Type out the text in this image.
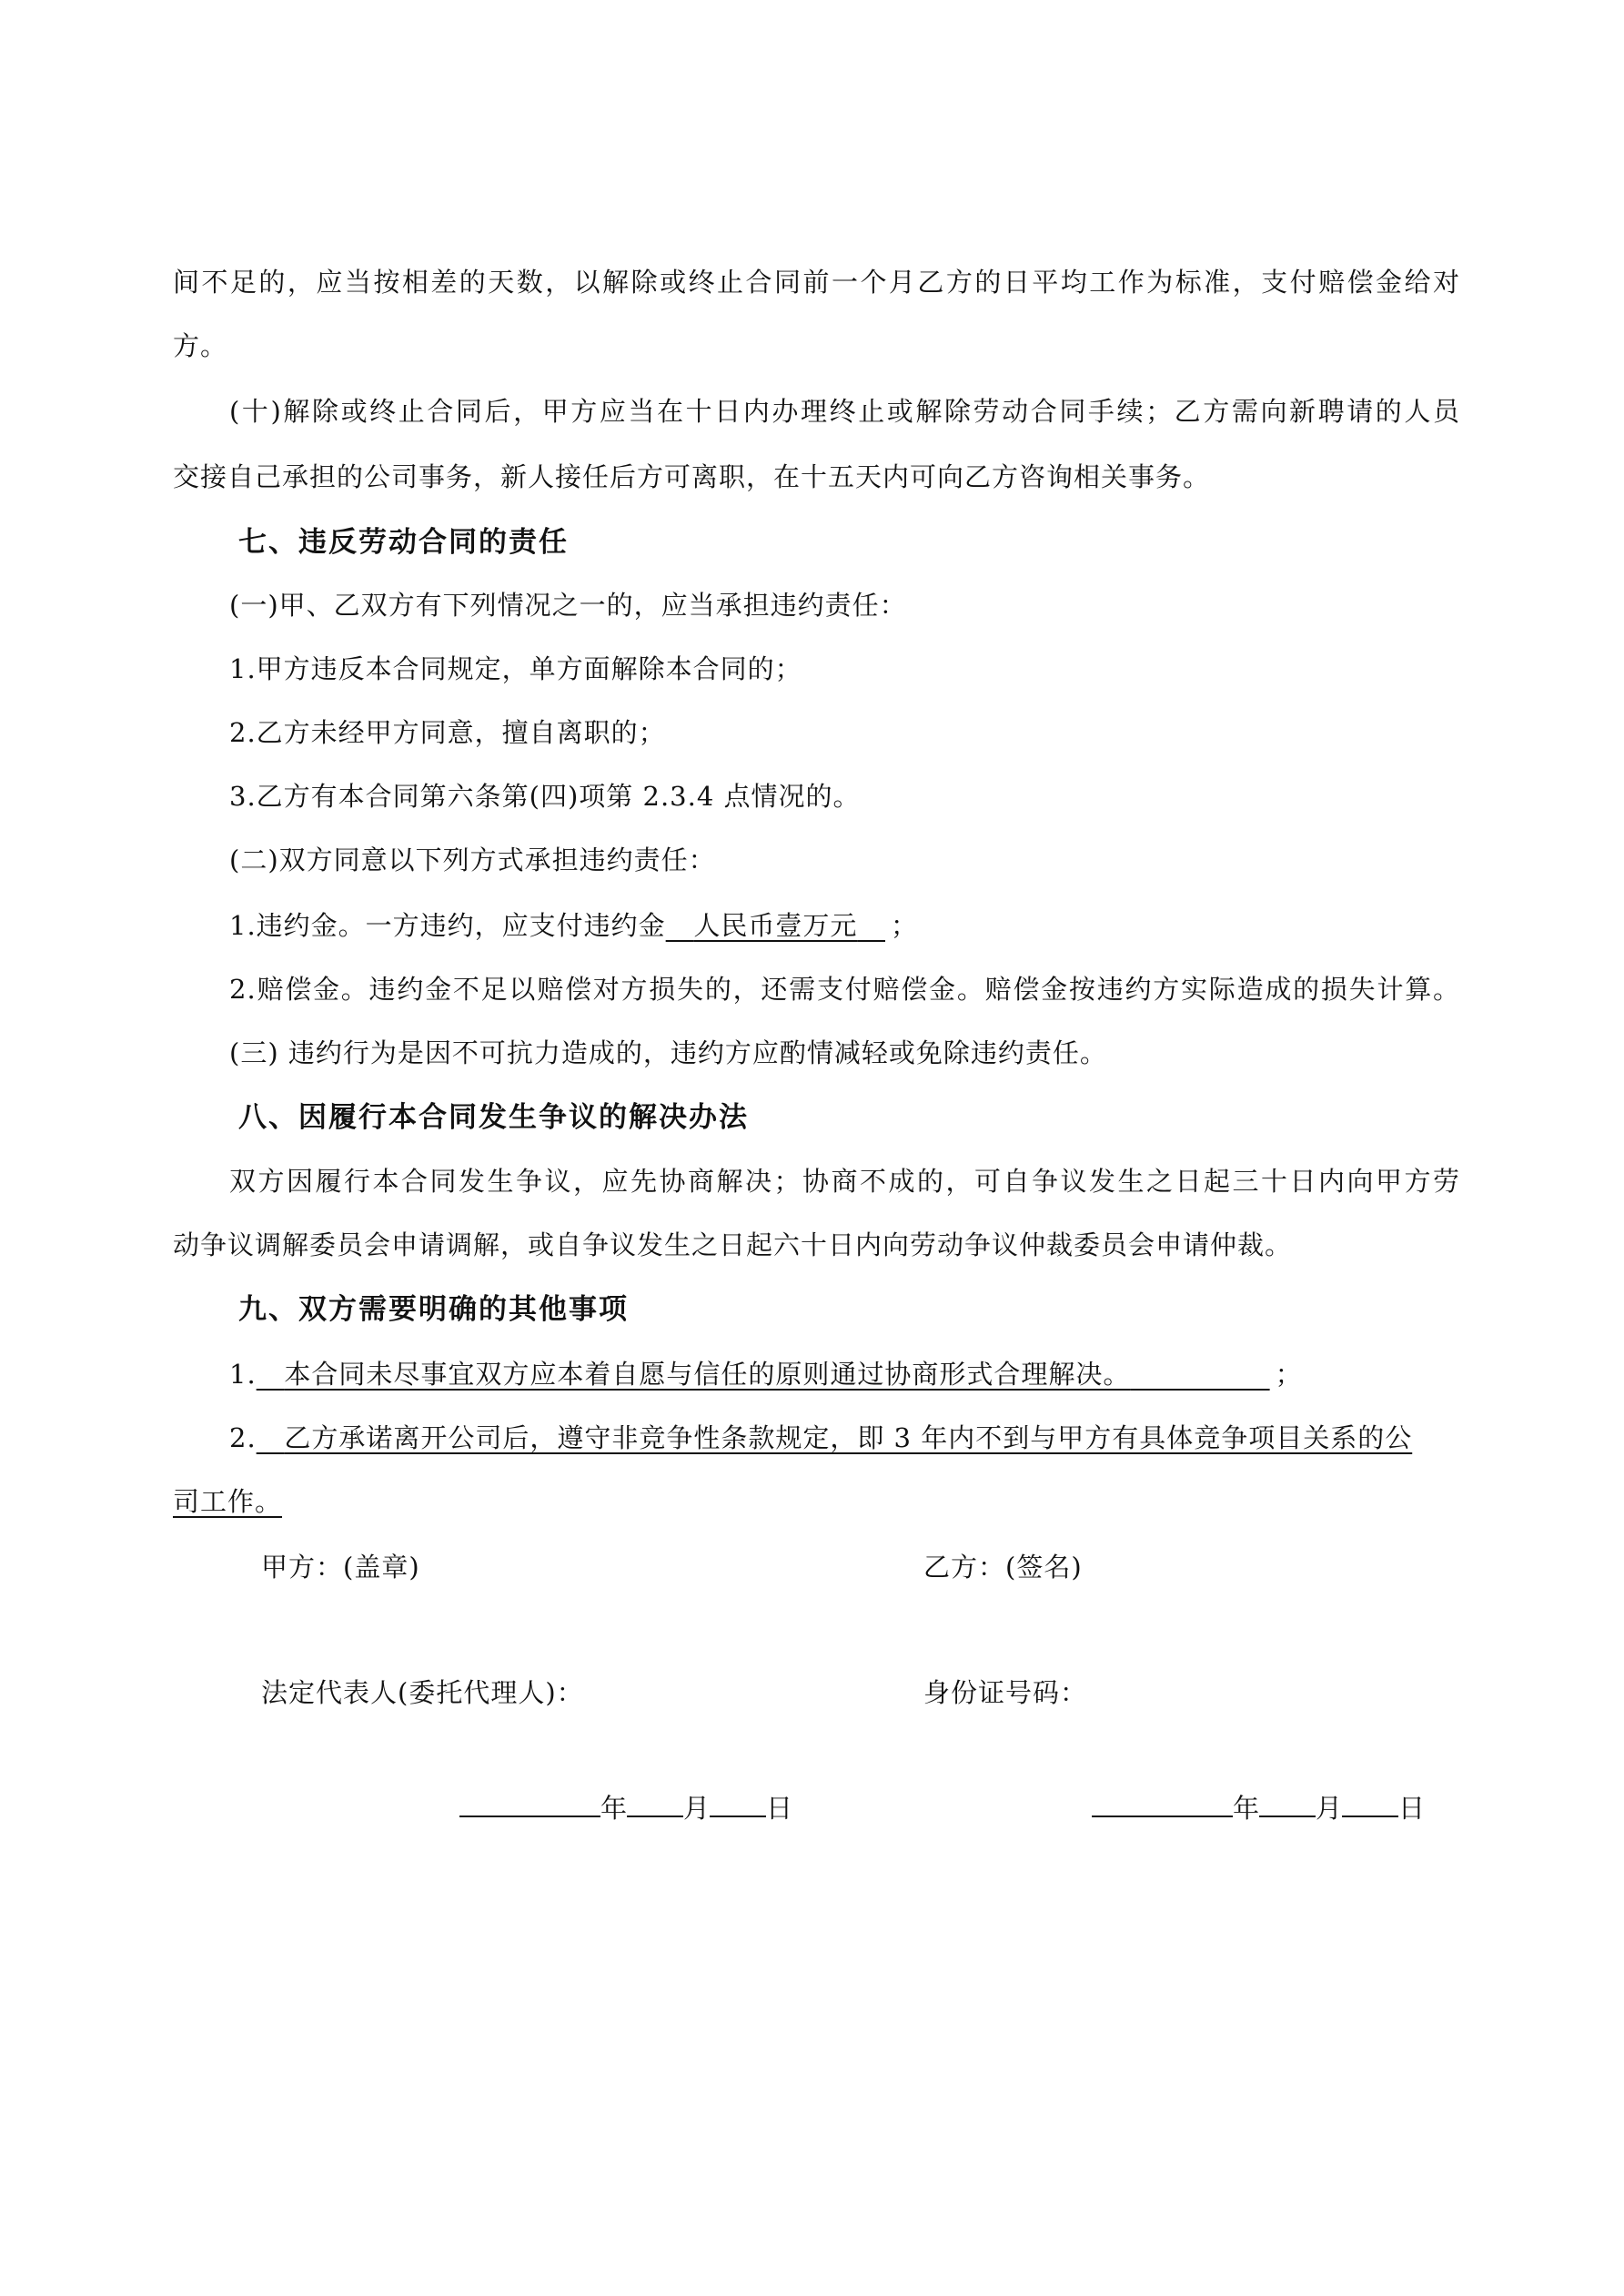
间不足的，应当按相差的天数，以解除或终止合同前一个月乙方的日平均工作为标准，支付赔偿金给对
方。
(十)解除或终止合同后，甲方应当在十日内办理终止或解除劳动合同手续；乙方需向新聘请的人员
交接自己承担的公司事务，新人接任后方可离职，在十五天内可向乙方咨询相关事务。
七、违反劳动合同的责任
(一)甲、乙双方有下列情况之一的，应当承担违约责任：
1.甲方违反本合同规定，单方面解除本合同的；
2.乙方未经甲方同意，擅自离职的；
3.乙方有本合同第六条第(四)项第 2.3.4 点情况的。
(二)双方同意以下列方式承担违约责任：
1.违约金。一方违约，应支付违约金 人民币壹万元 ；
2.赔偿金。违约金不足以赔偿对方损失的，还需支付赔偿金。赔偿金按违约方实际造成的损失计算。
(三) 违约行为是因不可抗力造成的，违约方应酌情减轻或免除违约责任。
八、因履行本合同发生争议的解决办法
双方因履行本合同发生争议，应先协商解决；协商不成的，可自争议发生之日起三十日内向甲方劳
动争议调解委员会申请调解，或自争议发生之日起六十日内向劳动争议仲裁委员会申请仲裁。
九、双方需要明确的其他事项
1. 本合同未尽事宜双方应本着自愿与信任的原则通过协商形式合理解决。	；
2. 乙方承诺离开公司后，遵守非竞争性条款规定，即 3 年内不到与甲方有具体竞争项目关系的公
司工作。
甲方：(盖章)	乙方：(签名)
法定代表人(委托代理人)：	身份证号码：
年 月 日	年 月 日
